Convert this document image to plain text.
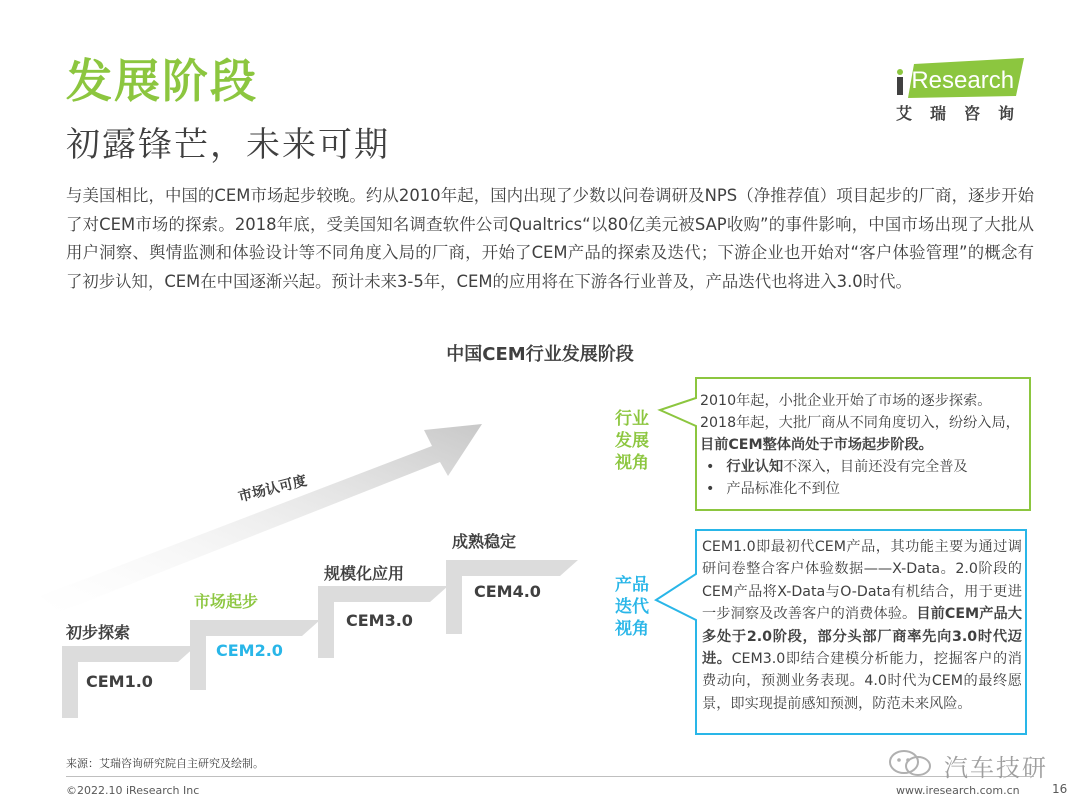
发展阶段
初露锋芒，未来可期
iResearch
艾瑞咨询
与美国相比，中国的CEM市场起步较晚。约从2010年起，国内出现了少数以问卷调研及NPS（净推荐值）项目起步的厂商，逐步开始了对CEM市场的探索。2018年底，受美国知名调查软件公司Qualtrics“以80亿美元被SAP收购”的事件影响，中国市场出现了大批从用户洞察、舆情监测和体验设计等不同角度入局的厂商，开始了CEM产品的探索及迭代；下游企业也开始对“客户体验管理”的概念有了初步认知，CEM在中国逐渐兴起。预计未来3-5年，CEM的应用将在下游各行业普及，产品迭代也将进入3.0时代。
中国CEM行业发展阶段
市场认可度
初步探索
市场起步
规模化应用
成熟稳定
CEM1.0
CEM2.0
CEM3.0
CEM4.0
行业
发展
视角
产品
迭代
视角
2010年起，小批企业开始了市场的逐步探索。
2018年起，大批厂商从不同角度切入，纷纷入局，目前CEM整体尚处于市场起步阶段。
• 行业认知不深入，目前还没有完全普及
• 产品标准化不到位
CEM1.0即最初代CEM产品，其功能主要为通过调研问卷整合客户体验数据——X-Data。2.0阶段的CEM产品将X-Data与O-Data有机结合，用于更进一步洞察及改善客户的消费体验。目前CEM产品大多处于2.0阶段，部分头部厂商率先向3.0时代迈进。CEM3.0即结合建模分析能力，挖掘客户的消费动向，预测业务表现。4.0时代为CEM的最终愿景，即实现提前感知预测，防范未来风险。
来源：艾瑞咨询研究院自主研究及绘制。
©2022.10 iResearch Inc	www.iresearch.com.cn	16
汽车技研
